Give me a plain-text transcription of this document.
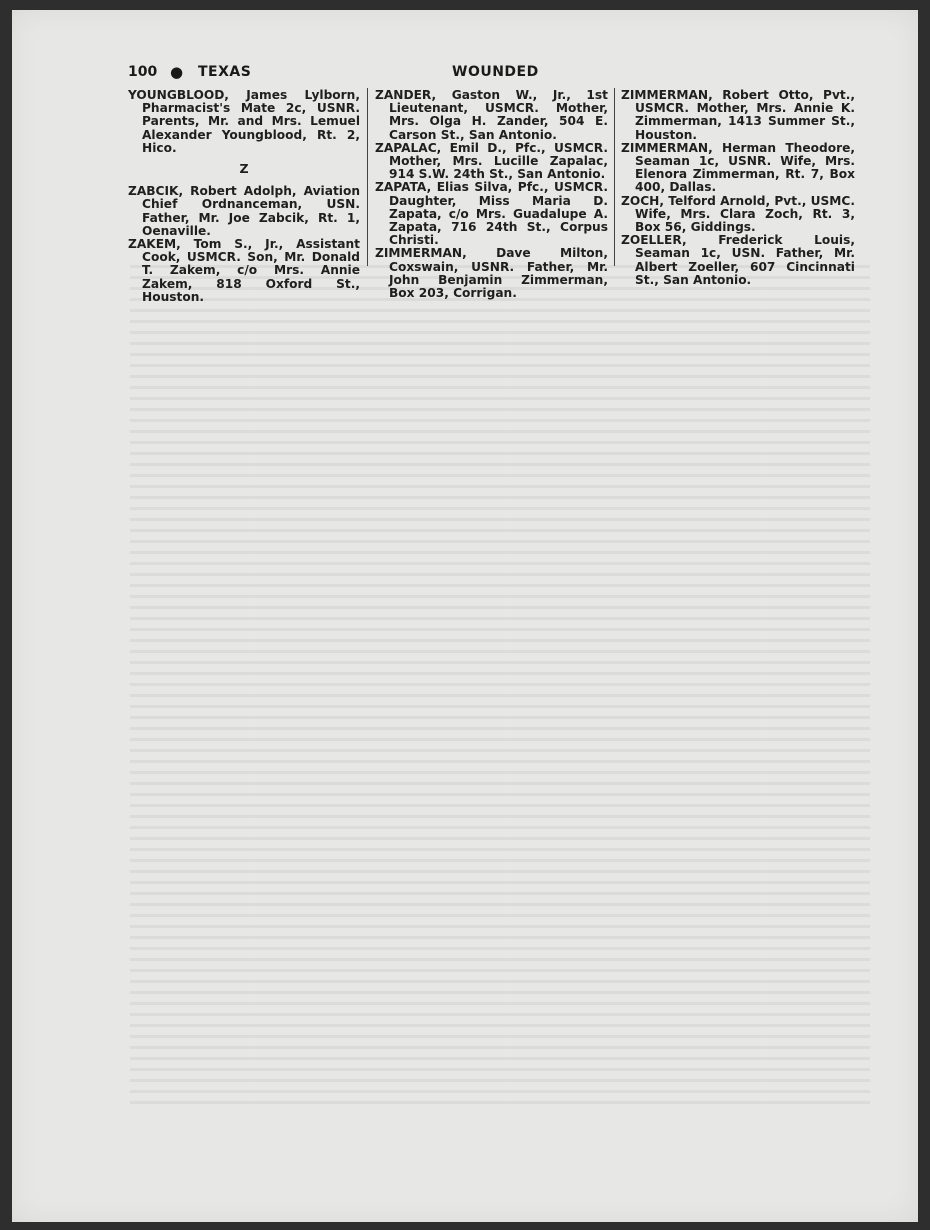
100 ● TEXAS	WOUNDED

YOUNGBLOOD, James Lylborn, Pharmacist's Mate 2c, USNR. Parents, Mr. and Mrs. Lemuel Alexander Youngblood, Rt. 2, Hico.

Z

ZABCIK, Robert Adolph, Aviation Chief Ordnanceman, USN. Father, Mr. Joe Zabcik, Rt. 1, Oenaville.

ZAKEM, Tom S., Jr., Assistant Cook, USMCR. Son, Mr. Donald T. Zakem, c/o Mrs. Annie Zakem, 818 Oxford St., Houston.

ZANDER, Gaston W., Jr., 1st Lieutenant, USMCR. Mother, Mrs. Olga H. Zander, 504 E. Carson St., San Antonio.

ZAPALAC, Emil D., Pfc., USMCR. Mother, Mrs. Lucille Zapalac, 914 S.W. 24th St., San Antonio.

ZAPATA, Elias Silva, Pfc., USMCR. Daughter, Miss Maria D. Zapata, c/o Mrs. Guadalupe A. Zapata, 716 24th St., Corpus Christi.

ZIMMERMAN, Dave Milton, Coxswain, USNR. Father, Mr. John Benjamin Zimmerman, Box 203, Corrigan.

ZIMMERMAN, Robert Otto, Pvt., USMCR. Mother, Mrs. Annie K. Zimmerman, 1413 Summer St., Houston.

ZIMMERMAN, Herman Theodore, Seaman 1c, USNR. Wife, Mrs. Elenora Zimmerman, Rt. 7, Box 400, Dallas.

ZOCH, Telford Arnold, Pvt., USMC. Wife, Mrs. Clara Zoch, Rt. 3, Box 56, Giddings.

ZOELLER, Frederick Louis, Seaman 1c, USN. Father, Mr. Albert Zoeller, 607 Cincinnati St., San Antonio.
